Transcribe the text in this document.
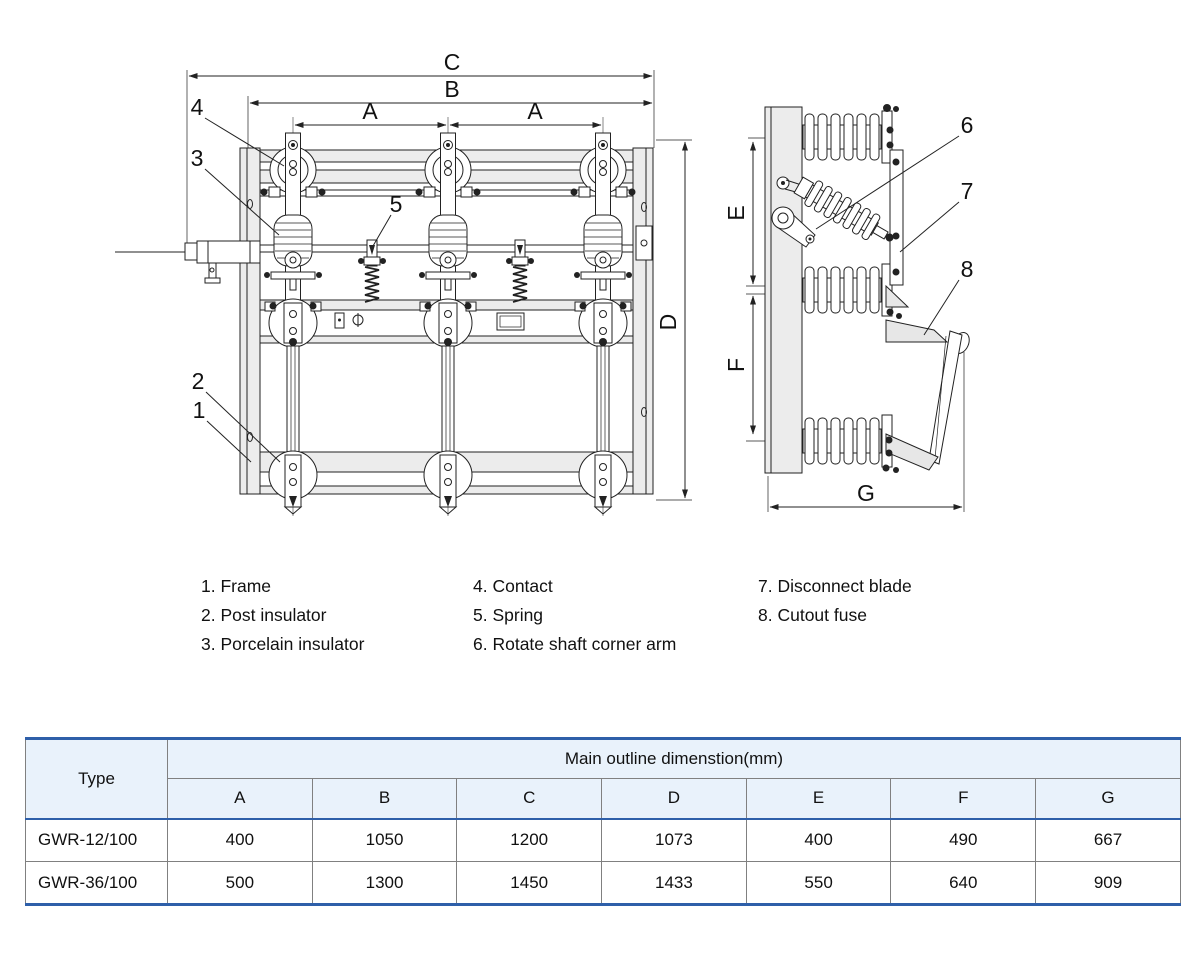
C
B
A	A
D
4
3
5
2
1
E
F
G
6
7
8
1. Frame
2. Post insulator
3. Porcelain insulator
4. Contact
5. Spring
6. Rotate shaft corner arm
7. Disconnect blade
8. Cutout fuse
Type	Main outline dimenstion(mm)						
	A	B	C	D	E	F	G
GWR-12/100	400	1050	1200	1073	400	490	667
GWR-36/100	500	1300	1450	1433	550	640	909
